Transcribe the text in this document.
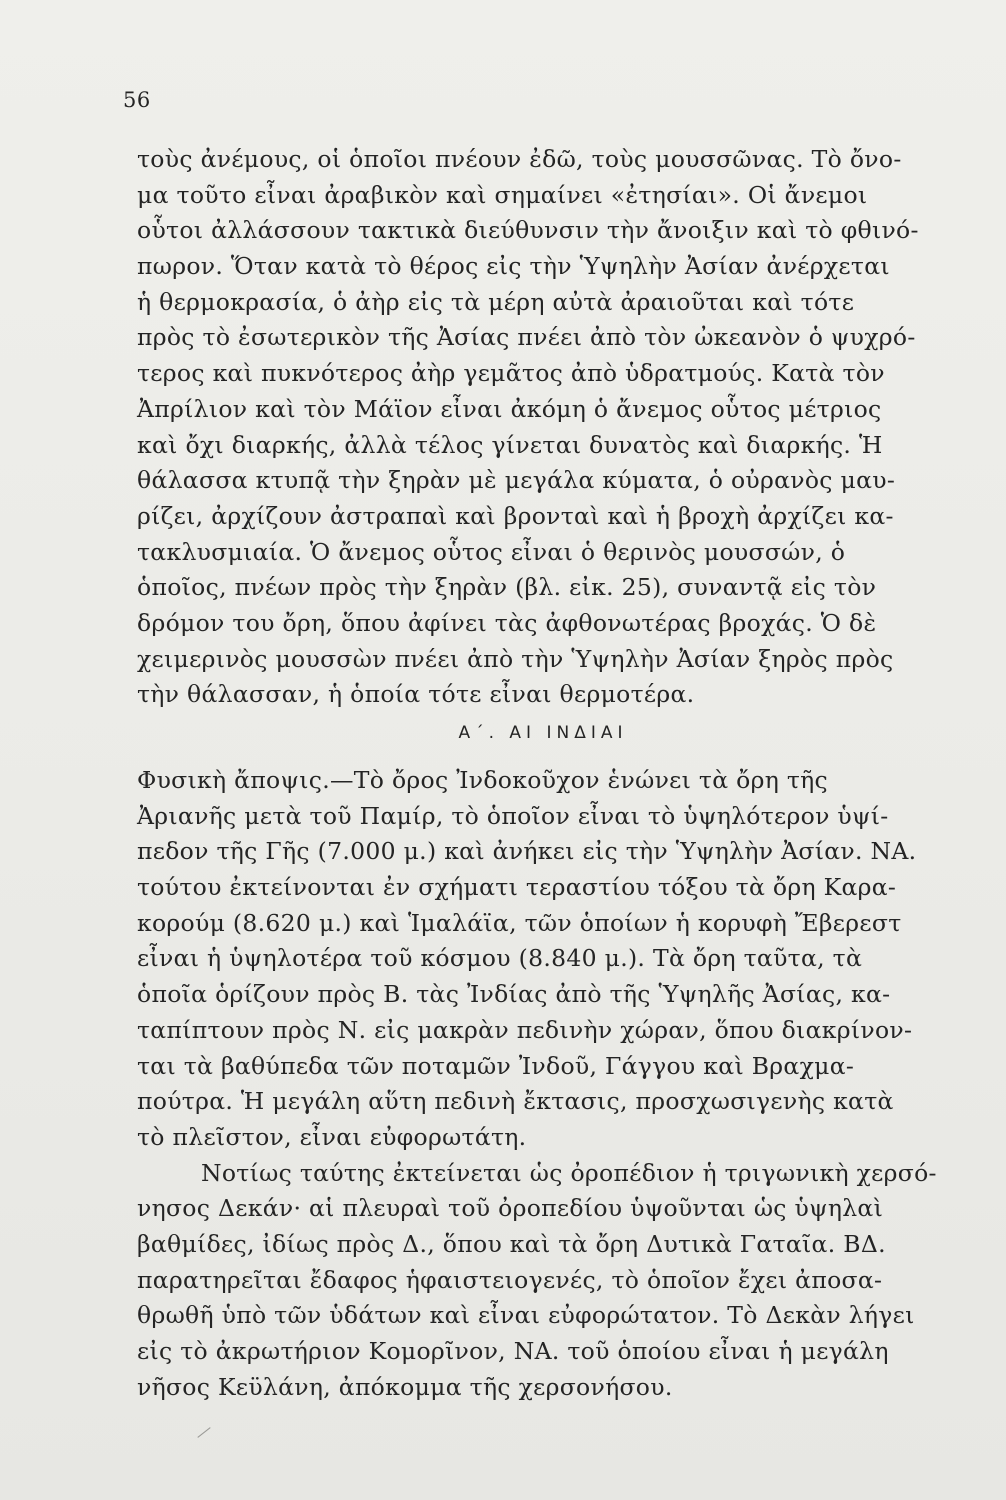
56
τοὺς ἀνέμους, οἱ ὁποῖοι πνέουν ἐδῶ, τοὺς μουσσῶνας. Τὸ ὄνο-
μα τοῦτο εἶναι ἀραβικὸν καὶ σημαίνει «ἐτησίαι». Οἱ ἄνεμοι
οὗτοι ἀλλάσσουν τακτικὰ διεύθυνσιν τὴν ἄνοιξιν καὶ τὸ φθινό-
πωρον. Ὅταν κατὰ τὸ θέρος εἰς τὴν Ὑψηλὴν Ἀσίαν ἀνέρχεται
ἡ θερμοκρασία, ὁ ἀὴρ εἰς τὰ μέρη αὐτὰ ἀραιοῦται καὶ τότε
πρὸς τὸ ἐσωτερικὸν τῆς Ἀσίας πνέει ἀπὸ τὸν ὠκεανὸν ὁ ψυχρό-
τερος καὶ πυκνότερος ἀὴρ γεμᾶτος ἀπὸ ὑδρατμούς. Κατὰ τὸν
Ἀπρίλιον καὶ τὸν Μάϊον εἶναι ἀκόμη ὁ ἄνεμος οὗτος μέτριος
καὶ ὄχι διαρκής, ἀλλὰ τέλος γίνεται δυνατὸς καὶ διαρκής. Ἡ
θάλασσα κτυπᾷ τὴν ξηρὰν μὲ μεγάλα κύματα, ὁ οὐρανὸς μαυ-
ρίζει, ἀρχίζουν ἀστραπαὶ καὶ βρονταὶ καὶ ἡ βροχὴ ἀρχίζει κα-
τακλυσμιαία. Ὁ ἄνεμος οὗτος εἶναι ὁ θερινὸς μουσσών, ὁ
ὁποῖος, πνέων πρὸς τὴν ξηρὰν (βλ. εἰκ. 25), συναντᾷ εἰς τὸν
δρόμον του ὄρη, ὅπου ἀφίνει τὰς ἀφθονωτέρας βροχάς. Ὁ δὲ
χειμερινὸς μουσσὼν πνέει ἀπὸ τὴν Ὑψηλὴν Ἀσίαν ξηρὸς πρὸς
τὴν θάλασσαν, ἡ ὁποία τότε εἶναι θερμοτέρα.
Α΄. ΑΙ ΙΝΔΙΑΙ
Φυσικὴ ἄποψις.—Τὸ ὄρος Ἰνδοκοῦχον ἑνώνει τὰ ὄρη τῆς
Ἀριανῆς μετὰ τοῦ Παμίρ, τὸ ὁποῖον εἶναι τὸ ὑψηλότερον ὑψί-
πεδον τῆς Γῆς (7.000 μ.) καὶ ἀνήκει εἰς τὴν Ὑψηλὴν Ἀσίαν. ΝΑ.
τούτου ἐκτείνονται ἐν σχήματι τεραστίου τόξου τὰ ὄρη Καρα-
κορούμ (8.620 μ.) καὶ Ἱμαλάϊα, τῶν ὁποίων ἡ κορυφὴ Ἔβερεστ
εἶναι ἡ ὑψηλοτέρα τοῦ κόσμου (8.840 μ.). Τὰ ὄρη ταῦτα, τὰ
ὁποῖα ὁρίζουν πρὸς Β. τὰς Ἰνδίας ἀπὸ τῆς Ὑψηλῆς Ἀσίας, κα-
ταπίπτουν πρὸς Ν. εἰς μακρὰν πεδινὴν χώραν, ὅπου διακρίνον-
ται τὰ βαθύπεδα τῶν ποταμῶν Ἰνδοῦ, Γάγγου καὶ Βραχμα-
πούτρα. Ἡ μεγάλη αὕτη πεδινὴ ἔκτασις, προσχωσιγενὴς κατὰ
τὸ πλεῖστον, εἶναι εὐφορωτάτη.
Νοτίως ταύτης ἐκτείνεται ὡς ὀροπέδιον ἡ τριγωνικὴ χερσό-
νησος Δεκάν· αἱ πλευραὶ τοῦ ὀροπεδίου ὑψοῦνται ὡς ὑψηλαὶ
βαθμίδες, ἰδίως πρὸς Δ., ὅπου καὶ τὰ ὄρη Δυτικὰ Γαταῖα. ΒΔ.
παρατηρεῖται ἔδαφος ἡφαιστειογενές, τὸ ὁποῖον ἔχει ἀποσα-
θρωθῆ ὑπὸ τῶν ὑδάτων καὶ εἶναι εὐφορώτατον. Τὸ Δεκὰν λήγει
εἰς τὸ ἀκρωτήριον Κομορῖνον, ΝΑ. τοῦ ὁποίου εἶναι ἡ μεγάλη
νῆσος Κεϋλάνη, ἀπόκομμα τῆς χερσονήσου.
